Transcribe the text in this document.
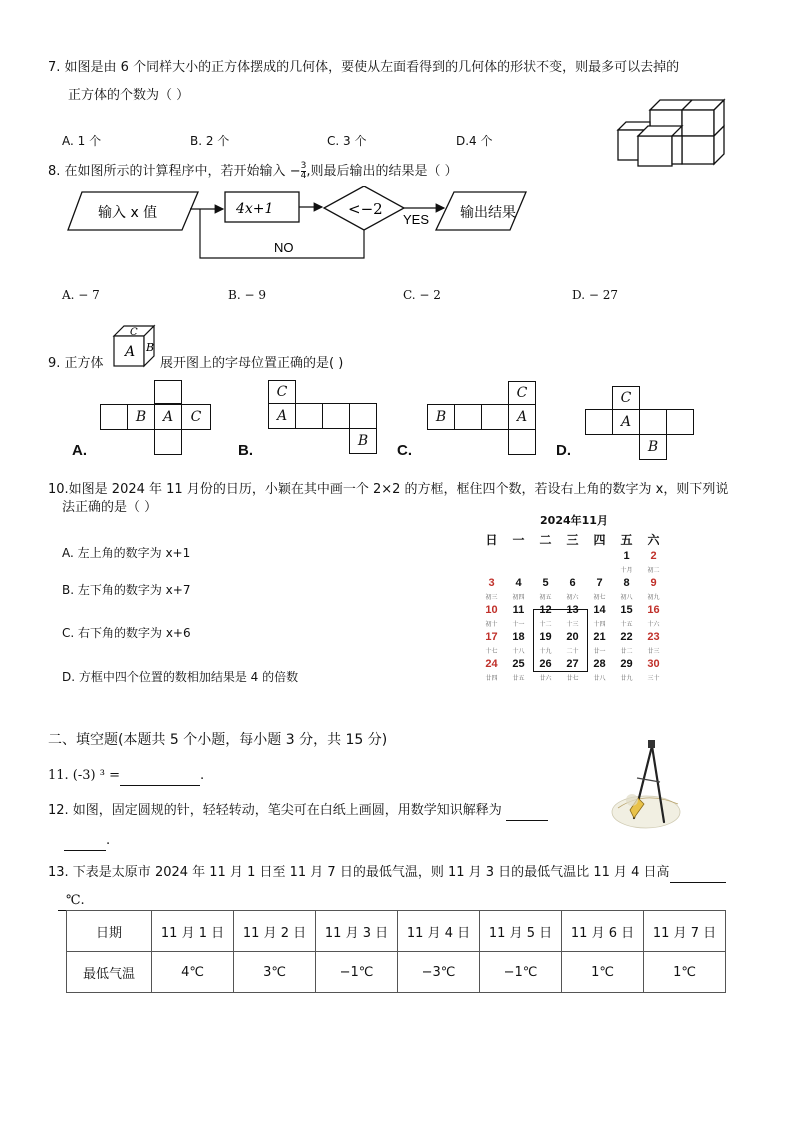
7. 如图是由 6 个同样大小的正方体摆成的几何体，要使从左面看得到的几何体的形状不变，则最多可以去掉的
正方体的个数为（ ）
A. 1 个	B. 2 个	C. 3 个	D.4 个
8. 在如图所示的计算程序中，若开始输入 − $\frac{3}{4}$ ,则最后输出的结果是（ ）
输入 x 值	4x+1	<−2
YES
NO
输出结果
A. − 7	B. − 9	C. − 2	D. − 27
9. 正方体
A
C
B
展开图上的字母位置正确的是( )
B	A	C
A.
C
A
B
B.
C
B	A
C.
C
A
B
D.
10.如图是 2024 年 11 月份的日历，小颖在其中画一个 2×2 的方框，框住四个数，若设右上角的数字为 x，则下列说
法正确的是（ ）
A. 左上角的数字为 x+1
B. 左下角的数字为 x+7
C. 右下角的数字为 x+6
D. 方框中四个位置的数相加结果是 4 的倍数
2024年11月
日	一	二	三	四	五	六
					1	2
					十月	初二
3	4	5	6	7	8	9
初三	初四	初五	初六	初七	初八	初九
10	11	12	13	14	15	16
初十	十一	十二	十三	十四	十五	十六
17	18	19	20	21	22	23
十七	十八	十九	二十	廿一	廿二	廿三
24	25	26	27	28	29	30
廿四	廿五	廿六	廿七	廿八	廿九	三十
二、填空题(本题共 5 个小题，每小题 3 分，共 15 分)
11. (-3) ³ =	.
12. 如图，固定圆规的针，轻轻转动，笔尖可在白纸上画圆，用数学知识解释为
.
13. 下表是太原市 2024 年 11 月 1 日至 11 月 7 日的最低气温，则 11 月 3 日的最低气温比 11 月 4 日高
℃.
日期	11 月 1 日	11 月 2 日	11 月 3 日	11 月 4 日	11 月 5 日	11 月 6 日	11 月 7 日
最低气温	4℃	3℃	−1℃	−3℃	−1℃	1℃	1℃
